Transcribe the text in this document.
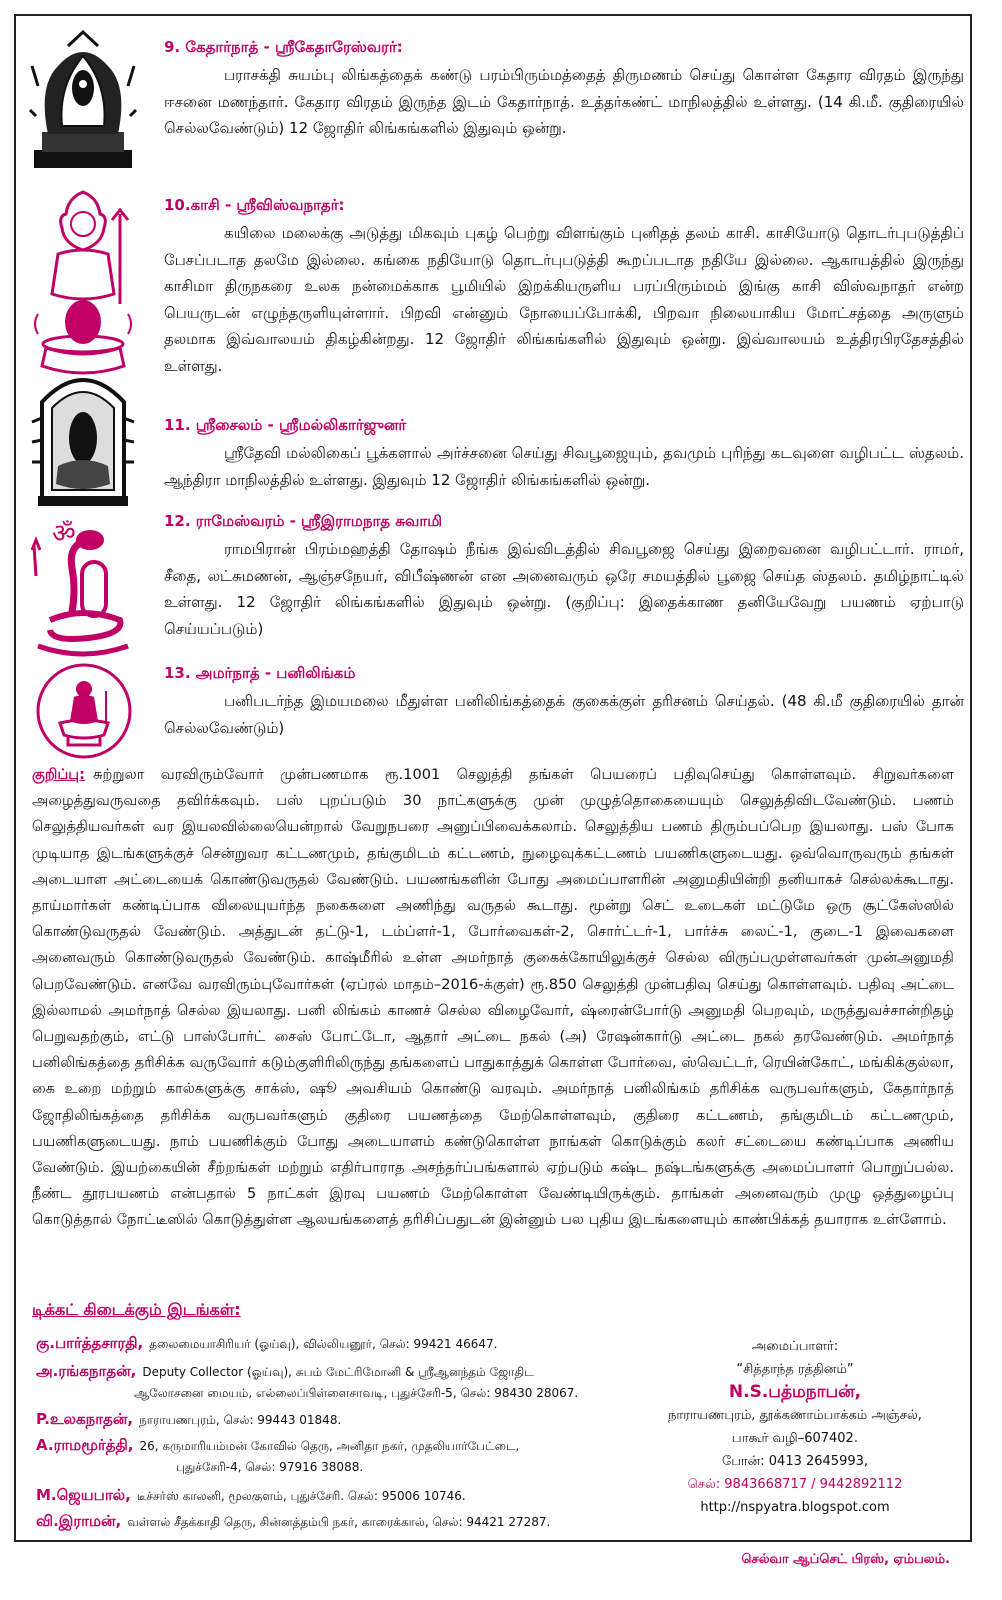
9. கேதார்நாத் - ஸ்ரீகேதாரேஸ்வரர்:
பராசக்தி சுயம்பு லிங்கத்தைக் கண்டு பரம்பிரும்மத்தைத் திருமணம் செய்து கொள்ள கேதார விரதம் இருந்து ஈசனை மணந்தார். கேதார விரதம் இருந்த இடம் கேதார்நாத். உத்தர்கண்ட் மாநிலத்தில் உள்ளது. (14 கி.மீ. குதிரையில் செல்லவேண்டும்) 12 ஜோதிர் லிங்கங்களில் இதுவும் ஒன்று.
10.காசி - ஸ்ரீவிஸ்வநாதர்:
கயிலை மலைக்கு அடுத்து மிகவும் புகழ் பெற்று விளங்கும் புனிதத் தலம் காசி. காசியோடு தொடர்புபடுத்திப் பேசப்படாத தலமே இல்லை. கங்கை நதியோடு தொடர்புபடுத்தி கூறப்படாத நதியே இல்லை. ஆகாயத்தில் இருந்து காசிமா திருநகரை உலக நன்மைக்காக பூமியில் இறக்கியருளிய பரப்பிரும்மம் இங்கு காசி விஸ்வநாதர் என்ற பெயருடன் எழுந்தருளியுள்ளார். பிறவி என்னும் நோயைப்போக்கி, பிறவா நிலையாகிய மோட்சத்தை அருளும் தலமாக இவ்வாலயம் திகழ்கின்றது. 12 ஜோதிர் லிங்கங்களில் இதுவும் ஒன்று. இவ்வாலயம் உத்திரபிரதேசத்தில் உள்ளது.
11. ஸ்ரீசைலம் - ஸ்ரீமல்லிகார்ஜுனர்
ஸ்ரீதேவி மல்லிகைப் பூக்களால் அர்ச்சனை செய்து சிவபூஜையும், தவமும் புரிந்து கடவுளை வழிபட்ட ஸ்தலம். ஆந்திரா மாநிலத்தில் உள்ளது. இதுவும் 12 ஜோதிர் லிங்கங்களில் ஒன்று.
ॐ	12. ராமேஸ்வரம் - ஸ்ரீஇராமநாத சுவாமி
ராமபிரான் பிரம்மஹத்தி தோஷம் நீங்க இவ்விடத்தில் சிவபூஜை செய்து இறைவனை வழிபட்டார். ராமர், சீதை, லட்சுமணன், ஆஞ்சநேயர், விபீஷ்ணன் என அனைவரும் ஒரே சமயத்தில் பூஜை செய்த ஸ்தலம். தமிழ்நாட்டில் உள்ளது. 12 ஜோதிர் லிங்கங்களில் இதுவும் ஒன்று. (குறிப்பு: இதைக்காண தனியேவேறு பயணம் ஏற்பாடு செய்யப்படும்)
13. அமர்நாத் - பனிலிங்கம்
பனிபடர்ந்த இமயமலை மீதுள்ள பனிலிங்கத்தைக் குகைக்குள் தரிசனம் செய்தல். (48 கி.மீ குதிரையில் தான் செல்லவேண்டும்)
குறிப்பு: சுற்றுலா வரவிரும்வோர் முன்பணமாக ரூ.1001 செலுத்தி தங்கள் பெயரைப் பதிவுசெய்து கொள்ளவும். சிறுவர்களை அழைத்துவருவதை தவிர்க்கவும். பஸ் புறப்படும் 30 நாட்களுக்கு முன் முழுத்தொகையையும் செலுத்திவிடவேண்டும். பணம் செலுத்தியவர்கள் வர இயலவில்லையென்றால் வேறுநபரை அனுப்பிவைக்கலாம். செலுத்திய பணம் திரும்பப்பெற இயலாது. பஸ் போக முடியாத இடங்களுக்குச் சென்றுவர கட்டணமும், தங்குமிடம் கட்டணம், நுழைவுக்கட்டணம் பயணிகளுடையது. ஒவ்வொருவரும் தங்கள் அடையாள அட்டையைக் கொண்டுவருதல் வேண்டும். பயணங்களின் போது அமைப்பாளரின் அனுமதியின்றி தனியாகச் செல்லக்கூடாது. தாய்மார்கள் கண்டிப்பாக விலையுயர்ந்த நகைகளை அணிந்து வருதல் கூடாது. மூன்று செட் உடைகள் மட்டுமே ஒரு சூட்கேஸ்ஸில் கொண்டுவருதல் வேண்டும். அத்துடன் தட்டு-1, டம்ப்ளர்-1, போர்வைகள்-2, சொர்ட்டர்-1, பார்ச்சு லைட்-1, குடை-1 இவைகளை அனைவரும் கொண்டுவருதல் வேண்டும். காஷ்மீரில் உள்ள அமர்நாத் குகைக்கோயிலுக்குச் செல்ல விருப்பமுள்ளவர்கள் முன்அனுமதி பெறவேண்டும். எனவே வரவிரும்புவோர்கள் (ஏப்ரல் மாதம்–2016-க்குள்) ரூ.850 செலுத்தி முன்பதிவு செய்து கொள்ளவும். பதிவு அட்டை இல்லாமல் அமர்நாத் செல்ல இயலாது. பனி லிங்கம் காணச் செல்ல விழைவோர், ஷ்ரைன்போர்டு அனுமதி பெறவும், மருத்துவச்சான்றிதழ் பெறுவதற்கும், எட்டு பாஸ்போர்ட் சைஸ் போட்டோ, ஆதார் அட்டை நகல் (அ) ரேஷன்கார்டு அட்டை நகல் தரவேண்டும். அமர்நாத் பனிலிங்கத்தை தரிசிக்க வருவோர் கடும்குளிரிலிருந்து தங்களைப் பாதுகாத்துக் கொள்ள போர்வை, ஸ்வெட்டர், ரெயின்கோட், மங்கிக்குல்லா, கை உறை மற்றும் கால்களுக்கு சாக்ஸ், ஷூ அவசியம் கொண்டு வரவும். அமர்நாத் பனிலிங்கம் தரிசிக்க வருபவர்களும், கேதார்நாத் ஜோதிலிங்கத்தை தரிசிக்க வருபவர்களும் குதிரை பயணத்தை மேற்கொள்ளவும், குதிரை கட்டணம், தங்குமிடம் கட்டணமும், பயணிகளுடையது. நாம் பயணிக்கும் போது அடையாளம் கண்டுகொள்ள நாங்கள் கொடுக்கும் கலர் சட்டையை கண்டிப்பாக அணிய வேண்டும். இயற்கையின் சீற்றங்கள் மற்றும் எதிர்பாராத அசந்தர்ப்பங்களால் ஏற்படும் கஷ்ட நஷ்டங்களுக்கு அமைப்பாளர் பொறுப்பல்ல. நீண்ட தூரபயணம் என்பதால் 5 நாட்கள் இரவு பயணம் மேற்கொள்ள வேண்டியிருக்கும். தாங்கள் அனைவரும் முழு ஒத்துழைப்பு கொடுத்தால் நோட்டீஸில் கொடுத்துள்ள ஆலயங்களைத் தரிசிப்பதுடன் இன்னும் பல புதிய இடங்களையும் காண்பிக்கத் தயாராக உள்ளோம்.
டிக்கட் கிடைக்கும் இடங்கள்:
கு.பார்த்தசாரதி, தலைமையாசிரியர் (ஓய்வு), வில்லியனூர், செல்: 99421 46647.
அ.ரங்கநாதன், Deputy Collector (ஓய்வு), சுபம் மேட்ரிமோனி & ஸ்ரீஆனந்தம் ஜோதிட
ஆலோசனை மையம், எல்லைப்பிள்ளைசாவடி, புதுச்சேரி-5, செல்: 98430 28067.
P.உலகநாதன், நாராயணபுரம், செல்: 99443 01848.
A.ராமமூர்த்தி, 26, கருமாரியம்மன் கோவில் தெரு, அனிதா நகர், முதலியார்பேட்டை,
புதுச்சேரி-4, செல்: 97916 38088.
M.ஜெயபால், டீச்சர்ஸ் காலனி, மூலகுளம், புதுச்சேரி. செல்: 95006 10746.
வி.இராமன், வள்ளல் சீதக்காதி தெரு, சின்னத்தம்பி நகர், காரைக்கால், செல்: 94421 27287.
அமைப்பாளர்:
“சித்தாந்த ரத்தினம்”
N.S.பத்மநாபன்,
நாராயணபுரம், தூக்கணாம்பாக்கம் அஞ்சல்,
பாகூர் வழி–607402.
போன்: 0413 2645993,
செல்: 9843668717 / 9442892112
http://nspyatra.blogspot.com
செல்வா ஆப்செட் பிரஸ், ஏம்பலம்.
